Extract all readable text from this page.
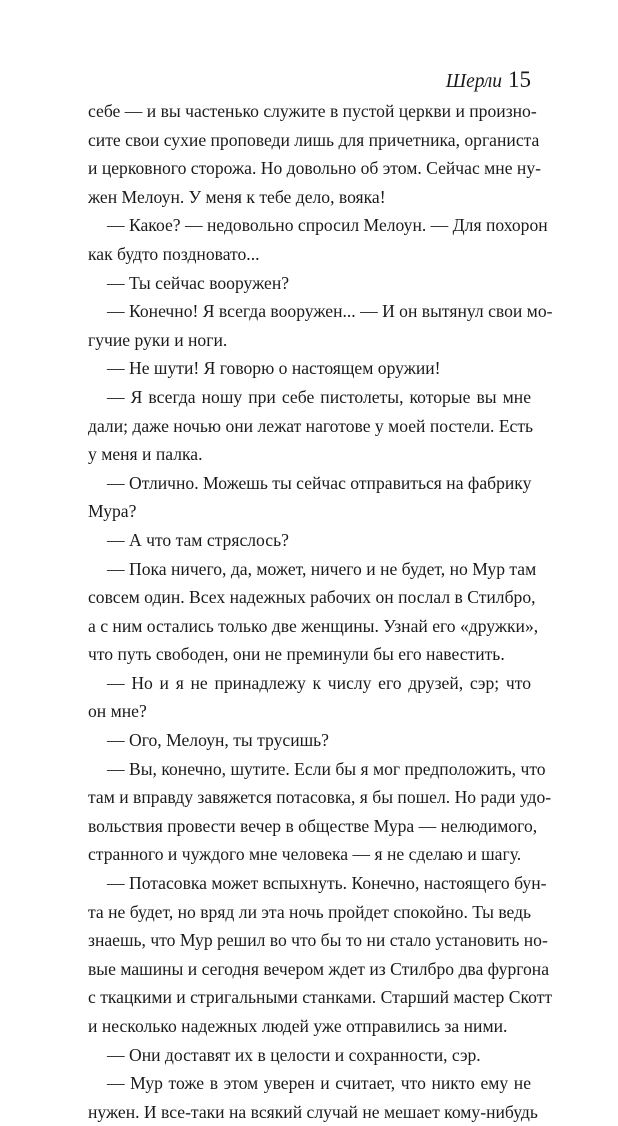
Шерли 15
себе — и вы частенько служите в пустой церкви и произно-
сите свои сухие проповеди лишь для причетника, органиста
и церковного сторожа. Но довольно об этом. Сейчас мне ну-
жен Мелоун. У меня к тебе дело, вояка!
— Какое? — недовольно спросил Мелоун. — Для похорон
как будто поздновато...
— Ты сейчас вооружен?
— Конечно! Я всегда вооружен... — И он вытянул свои мо-
гучие руки и ноги.
— Не шути! Я говорю о настоящем оружии!
— Я всегда ношу при себе пистолеты, которые вы мне
дали; даже ночью они лежат наготове у моей постели. Есть
у меня и палка.
— Отлично. Можешь ты сейчас отправиться на фабрику
Мура?
— А что там стряслось?
— Пока ничего, да, может, ничего и не будет, но Мур там
совсем один. Всех надежных рабочих он послал в Стилбро,
а с ним остались только две женщины. Узнай его «дружки»,
что путь свободен, они не преминули бы его навестить.
— Но и я не принадлежу к числу его друзей, сэр; что
он мне?
— Ого, Мелоун, ты трусишь?
— Вы, конечно, шутите. Если бы я мог предположить, что
там и вправду завяжется потасовка, я бы пошел. Но ради удо-
вольствия провести вечер в обществе Мура — нелюдимого,
странного и чуждого мне человека — я не сделаю и шагу.
— Потасовка может вспыхнуть. Конечно, настоящего бун-
та не будет, но вряд ли эта ночь пройдет спокойно. Ты ведь
знаешь, что Мур решил во что бы то ни стало установить но-
вые машины и сегодня вечером ждет из Стилбро два фургона
с ткацкими и стригальными станками. Старший мастер Скотт
и несколько надежных людей уже отправились за ними.
— Они доставят их в целости и сохранности, сэр.
— Мур тоже в этом уверен и считает, что никто ему не
нужен. И все-таки на всякий случай не мешает кому-нибудь
